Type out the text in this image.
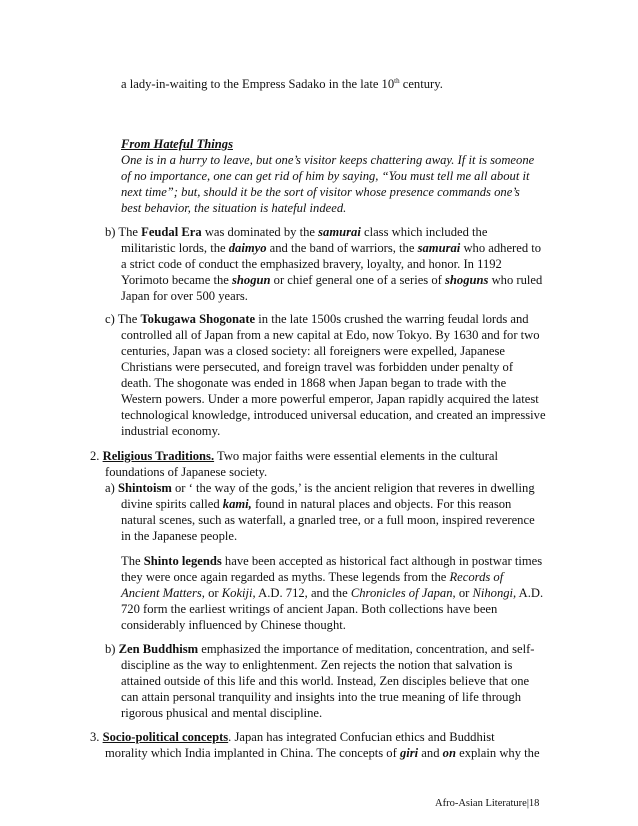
a lady-in-waiting to the Empress Sadako in the late 10th century.
From Hateful Things
One is in a hurry to leave, but one’s visitor keeps chattering away. If it is someone
of no importance, one can get rid of him by saying, “You must tell me all about it
next time”; but, should it be the sort of visitor whose presence commands one’s
best behavior, the situation is hateful indeed.
b) The Feudal Era was dominated by the samurai class which included the
militaristic lords, the daimyo and the band of warriors, the samurai who adhered to
a strict code of conduct the emphasized bravery, loyalty, and honor. In 1192
Yorimoto became the shogun or chief general one of a series of shoguns who ruled
Japan for over 500 years.
c) The Tokugawa Shogonate in the late 1500s crushed the warring feudal lords and
controlled all of Japan from a new capital at Edo, now Tokyo. By 1630 and for two
centuries, Japan was a closed society: all foreigners were expelled, Japanese
Christians were persecuted, and foreign travel was forbidden under penalty of
death. The shogonate was ended in 1868 when Japan began to trade with the
Western powers. Under a more powerful emperor, Japan rapidly acquired the latest
technological knowledge, introduced universal education, and created an impressive
industrial economy.
2. Religious Traditions. Two major faiths were essential elements in the cultural
foundations of Japanese society.
a) Shintoism or ‘ the way of the gods,’ is the ancient religion that reveres in dwelling
divine spirits called kami, found in natural places and objects. For this reason
natural scenes, such as waterfall, a gnarled tree, or a full moon, inspired reverence
in the Japanese people.
The Shinto legends have been accepted as historical fact although in postwar times
they were once again regarded as myths. These legends from the Records of
Ancient Matters, or Kokiji, A.D. 712, and the Chronicles of Japan, or Nihongi, A.D.
720 form the earliest writings of ancient Japan. Both collections have been
considerably influenced by Chinese thought.
b) Zen Buddhism emphasized the importance of meditation, concentration, and self-
discipline as the way to enlightenment. Zen rejects the notion that salvation is
attained outside of this life and this world. Instead, Zen disciples believe that one
can attain personal tranquility and insights into the true meaning of life through
rigorous phusical and mental discipline.
3. Socio-political concepts. Japan has integrated Confucian ethics and Buddhist
morality which India implanted in China. The concepts of giri and on explain why the
Afro-Asian Literature|18
